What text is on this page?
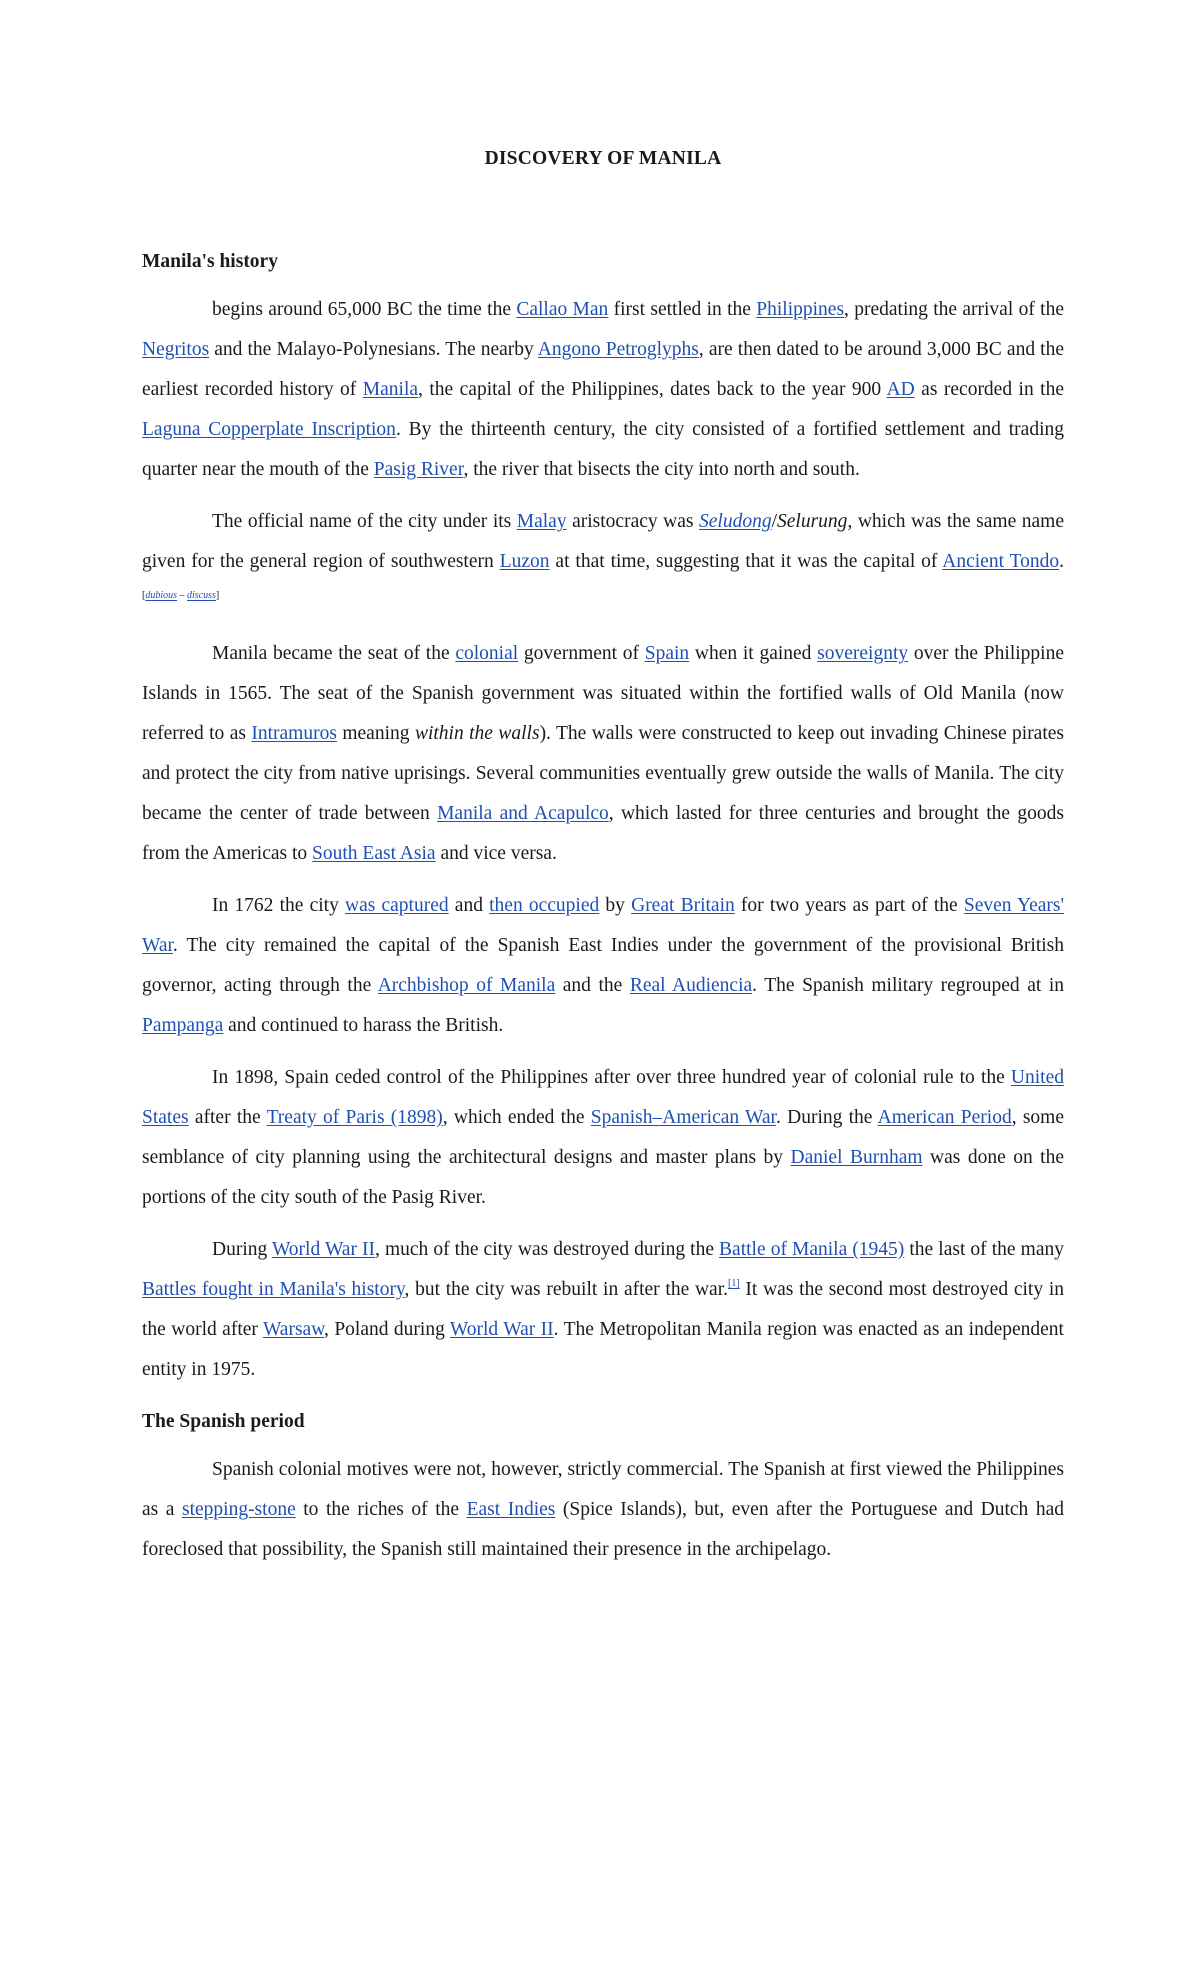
DISCOVERY OF MANILA
Manila's history

begins around 65,000 BC the time the Callao Man first settled in the Philippines, predating the arrival of the Negritos and the Malayo-Polynesians. The nearby Angono Petroglyphs, are then dated to be around 3,000 BC and the earliest recorded history of Manila, the capital of the Philippines, dates back to the year 900 AD as recorded in the Laguna Copperplate Inscription. By the thirteenth century, the city consisted of a fortified settlement and trading quarter near the mouth of the Pasig River, the river that bisects the city into north and south.

The official name of the city under its Malay aristocracy was Seludong/Selurung, which was the same name given for the general region of southwestern Luzon at that time, suggesting that it was the capital of Ancient Tondo.[dubious – discuss]

Manila became the seat of the colonial government of Spain when it gained sovereignty over the Philippine Islands in 1565. The seat of the Spanish government was situated within the fortified walls of Old Manila (now referred to as Intramuros meaning within the walls). The walls were constructed to keep out invading Chinese pirates and protect the city from native uprisings. Several communities eventually grew outside the walls of Manila. The city became the center of trade between Manila and Acapulco, which lasted for three centuries and brought the goods from the Americas to South East Asia and vice versa.

In 1762 the city was captured and then occupied by Great Britain for two years as part of the Seven Years' War. The city remained the capital of the Spanish East Indies under the government of the provisional British governor, acting through the Archbishop of Manila and the Real Audiencia. The Spanish military regrouped at in Pampanga and continued to harass the British.

In 1898, Spain ceded control of the Philippines after over three hundred year of colonial rule to the United States after the Treaty of Paris (1898), which ended the Spanish–American War. During the American Period, some semblance of city planning using the architectural designs and master plans by Daniel Burnham was done on the portions of the city south of the Pasig River.

During World War II, much of the city was destroyed during the Battle of Manila (1945) the last of the many Battles fought in Manila's history, but the city was rebuilt in after the war.[1] It was the second most destroyed city in the world after Warsaw, Poland during World War II. The Metropolitan Manila region was enacted as an independent entity in 1975.

The Spanish period

Spanish colonial motives were not, however, strictly commercial. The Spanish at first viewed the Philippines as a stepping-stone to the riches of the East Indies (Spice Islands), but, even after the Portuguese and Dutch had foreclosed that possibility, the Spanish still maintained their presence in the archipelago.
